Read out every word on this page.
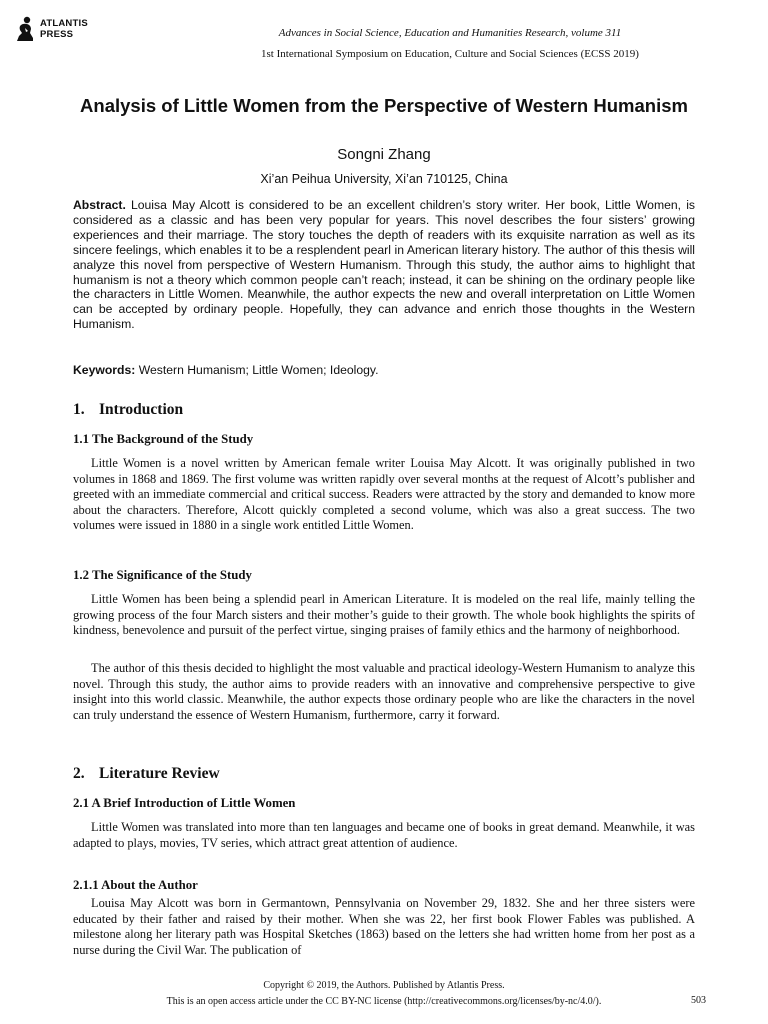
ATLANTIS
PRESS	Advances in Social Science, Education and Humanities Research, volume 311
1st International Symposium on Education, Culture and Social Sciences (ECSS 2019)
Analysis of Little Women from the Perspective of Western Humanism
Songni Zhang
Xi’an Peihua University, Xi’an 710125, China
Abstract. Louisa May Alcott is considered to be an excellent children’s story writer. Her book, Little Women, is considered as a classic and has been very popular for years. This novel describes the four sisters’ growing experiences and their marriage. The story touches the depth of readers with its exquisite narration as well as its sincere feelings, which enables it to be a resplendent pearl in American literary history. The author of this thesis will analyze this novel from perspective of Western Humanism. Through this study, the author aims to highlight that humanism is not a theory which common people can’t reach; instead, it can be shining on the ordinary people like the characters in Little Women. Meanwhile, the author expects the new and overall interpretation on Little Women can be accepted by ordinary people. Hopefully, they can advance and enrich those thoughts in the Western Humanism.
Keywords: Western Humanism; Little Women; Ideology.
1. Introduction
1.1 The Background of the Study

Little Women is a novel written by American female writer Louisa May Alcott. It was originally published in two volumes in 1868 and 1869. The first volume was written rapidly over several months at the request of Alcott’s publisher and greeted with an immediate commercial and critical success. Readers were attracted by the story and demanded to know more about the characters. Therefore, Alcott quickly completed a second volume, which was also a great success. The two volumes were issued in 1880 in a single work entitled Little Women.

1.2 The Significance of the Study

Little Women has been being a splendid pearl in American Literature. It is modeled on the real life, mainly telling the growing process of the four March sisters and their mother’s guide to their growth. The whole book highlights the spirits of kindness, benevolence and pursuit of the perfect virtue, singing praises of family ethics and the harmony of neighborhood.

The author of this thesis decided to highlight the most valuable and practical ideology-Western Humanism to analyze this novel. Through this study, the author aims to provide readers with an innovative and comprehensive perspective to give insight into this world classic. Meanwhile, the author expects those ordinary people who are like the characters in the novel can truly understand the essence of Western Humanism, furthermore, carry it forward.

2. Literature Review
2.1 A Brief Introduction of Little Women

Little Women was translated into more than ten languages and became one of books in great demand. Meanwhile, it was adapted to plays, movies, TV series, which attract great attention of audience.

2.1.1 About the Author

Louisa May Alcott was born in Germantown, Pennsylvania on November 29, 1832. She and her three sisters were educated by their father and raised by their mother. When she was 22, her first book Flower Fables was published. A milestone along her literary path was Hospital Sketches (1863) based on the letters she had written home from her post as a nurse during the Civil War. The publication of

Copyright © 2019, the Authors. Published by Atlantis Press.
This is an open access article under the CC BY-NC license (http://creativecommons.org/licenses/by-nc/4.0/).	503
